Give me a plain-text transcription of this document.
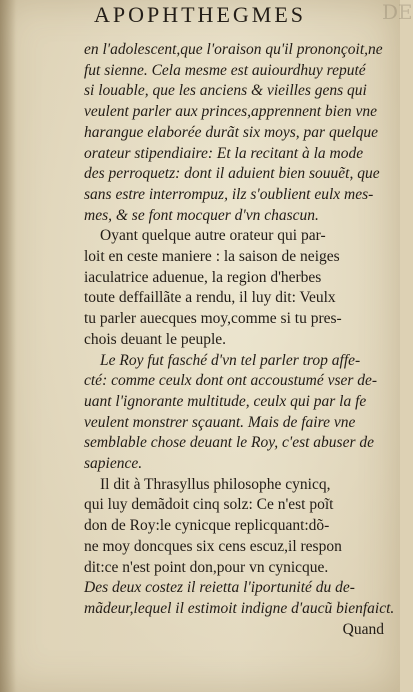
DE
APOPHTHEGMES
en l'adolescent,que l'oraison qu'il prononçoit,ne
fut sienne. Cela mesme est auiourdhuy reputé
si louable, que les anciens & vieilles gens qui
veulent parler aux princes,apprennent bien vne
harangue elaborée durãt six moys, par quelque
orateur stipendiaire: Et la recitant à la mode
des perroquetz: dont il aduient bien souuẽt, que
sans estre interrompuz, ilz s'oublient eulx mes-
mes, & se font mocquer d'vn chascun.
Oyant quelque autre orateur qui par-
loit en ceste maniere : la saison de neiges
iaculatrice aduenue, la region d'herbes
toute deffaillãte a rendu, il luy dit: Veulx
tu parler auecques moy,comme si tu pres-
chois deuant le peuple.
Le Roy fut fasché d'vn tel parler trop affe-
cté: comme ceulx dont ont accoustumé vser de-
uant l'ignorante multitude, ceulx qui par la fe
veulent monstrer sçauant. Mais de faire vne
semblable chose deuant le Roy, c'est abuser de
sapience.
Il dit à Thrasyllus philosophe cynicq,
qui luy demãdoit cinq solz: Ce n'est poĩt
don de Roy:le cynicque replicquant:dõ-
ne moy doncques six cens escuz,il respon
dit:ce n'est point don,pour vn cynicque.
Des deux costez il reietta l'iportunité du de-
mãdeur,lequel il estimoit indigne d'aucũ bienfaict.
Quand
